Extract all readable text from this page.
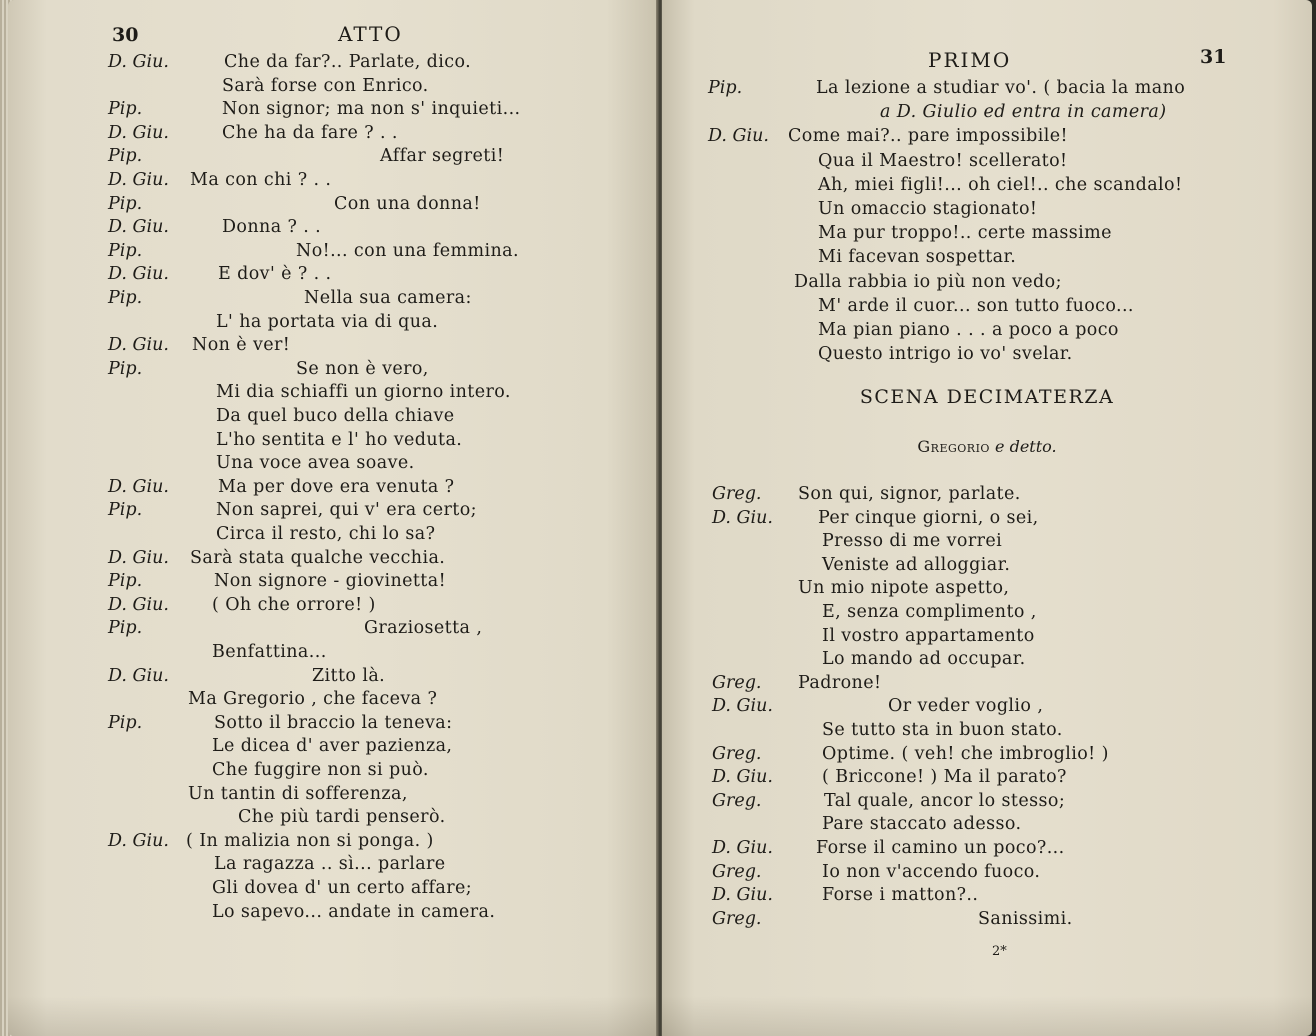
30	ATTO
D. Giu.	Che da far?.. Parlate, dico.
Sarà forse con Enrico.
Pip.	Non signor; ma non s' inquieti...
D. Giu.	Che ha da fare ? . .
Pip.	Affar segreti!
D. Giu. Ma con chi ? . .
Pip.	Con una donna!
D. Giu.	Donna ? . .
Pip.	No!... con una femmina.
D. Giu.	E dov' è ? . .
Pip.	Nella sua camera:
L' ha portata via di qua.
D. Giu. Non è ver!
Pip.	Se non è vero,
Mi dia schiaffi un giorno intero.
Da quel buco della chiave
L'ho sentita e l' ho veduta.
Una voce avea soave.
D. Giu.	Ma per dove era venuta ?
Pip.	Non saprei, qui v' era certo;
Circa il resto, chi lo sa?
D. Giu. Sarà stata qualche vecchia.
Pip.	Non signore - giovinetta!
D. Giu. ( Oh che orrore! )
Pip.	Graziosetta ,
Benfattina...
D. Giu.	Zitto là.
Ma Gregorio , che faceva ?
Pip.	Sotto il braccio la teneva:
Le dicea d' aver pazienza,
Che fuggire non si può.
Un tantin di sofferenza,
Che più tardi penserò.
D. Giu. ( In malizia non si ponga. )
La ragazza .. sì... parlare
Gli dovea d' un certo affare;
Lo sapevo... andate in camera.
PRIMO	31
Pip.	La lezione a studiar vo'. ( bacia la mano
a D. Giulio ed entra in camera)
D. Giu. Come mai?.. pare impossibile!
Qua il Maestro! scellerato!
Ah, miei figli!... oh ciel!.. che scandalo!
Un omaccio stagionato!
Ma pur troppo!.. certe massime
Mi facevan sospettar.
Dalla rabbia io più non vedo;
M' arde il cuor... son tutto fuoco...
Ma pian piano . . . a poco a poco
Questo intrigo io vo' svelar.
SCENA DECIMATERZA
Gregorio e detto.
Greg. Son qui, signor, parlate.
D. Giu.	Per cinque giorni, o sei,
Presso di me vorrei
Veniste ad alloggiar.
Un mio nipote aspetto,
E, senza complimento ,
Il vostro appartamento
Lo mando ad occupar.
Greg. Padrone!
D. Giu.	Or veder voglio ,
Se tutto sta in buon stato.
Greg.	Optime. ( veh! che imbroglio! )
D. Giu.	( Briccone! ) Ma il parato?
Greg.	Tal quale, ancor lo stesso;
Pare staccato adesso.
D. Giu. Forse il camino un poco?...
Greg.	Io non v'accendo fuoco.
D. Giu.	Forse i matton?..
Greg.	Sanissimi.
2*
